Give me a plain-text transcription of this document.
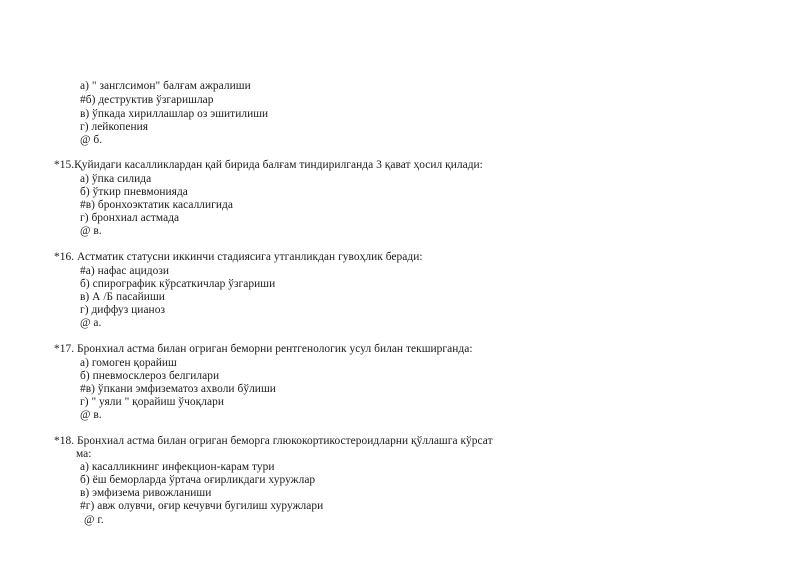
а) " занглсимон" балғам ажралиши
#б) деструктив ўзгаришлар
в) ўпкада хириллашлар оз эшитилиши
г) лейкопения
@ б.
*15.Қуйидаги касалликлардан қай бирида балғам тиндирилганда 3 қават ҳосил қилади:
а) ўпка силида
б) ўткир пневмонияда
#в) бронхоэктатик касаллигида
г) бронхиал астмада
@ в.
*16. Астматик статусни иккинчи стадиясига утганликдан гувоҳлик беради:
#а) нафас ацидози
б) спирографик кўрсаткичлар ўзгариши
в) А /Б пасайиши
г) диффуз цианоз
@ а.
*17. Бронхиал астма билан огриган беморни рентгенологик усул билан текширганда:
а) гомоген қорайиш
б) пневмосклероз белгилари
#в) ўпкани эмфизематоз ахволи бўлиши
г) " уяли " қорайиш ўчоқлари
@ в.
*18. Бронхиал астма билан огриган беморга глюкокортикостероидларни қўллашга кўрсат
ма:
а) касалликнинг инфекцион-карам тури
б) ёш беморларда ўртача оғирликдаги хуружлар
в) эмфизема ривожланиши
#г) авж олувчи, оғир кечувчи бугилиш хуружлари
@ г.
